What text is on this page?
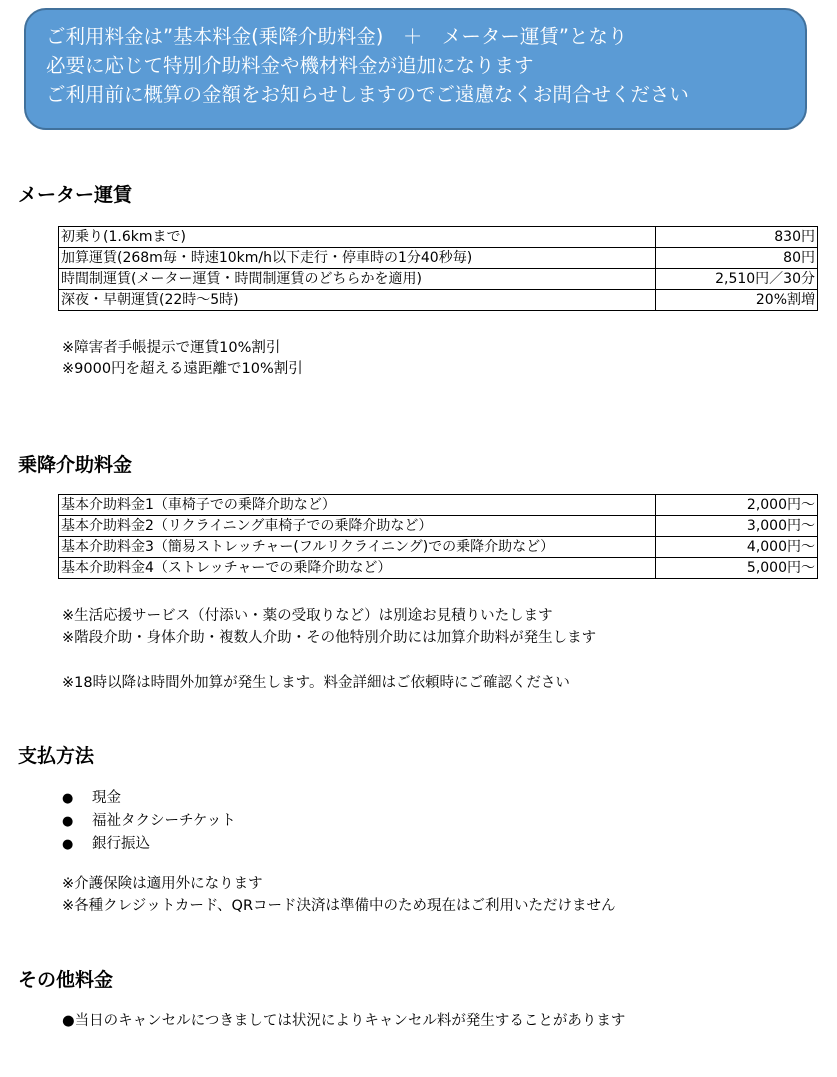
ご利用料金は”基本料金(乗降介助料金)　＋　メーター運賃”となり
必要に応じて特別介助料金や機材料金が追加になります
ご利用前に概算の金額をお知らせしますのでご遠慮なくお問合せください
メーター運賃
初乗り(1.6kmまで)	830円
加算運賃(268m毎・時速10km/h以下走行・停車時の1分40秒毎)	80円
時間制運賃(メーター運賃・時間制運賃のどちらかを適用)	2,510円／30分
深夜・早朝運賃(22時～5時)	20%割増
※障害者手帳提示で運賃10%割引
※9000円を超える遠距離で10%割引
乗降介助料金
基本介助料金1（車椅子での乗降介助など）	2,000円～
基本介助料金2（リクライニング車椅子での乗降介助など）	3,000円～
基本介助料金3（簡易ストレッチャー(フルリクライニング)での乗降介助など）	4,000円～
基本介助料金4（ストレッチャーでの乗降介助など）	5,000円～
※生活応援サービス（付添い・薬の受取りなど）は別途お見積りいたします
※階段介助・身体介助・複数人介助・その他特別介助には加算介助料が発生します
※18時以降は時間外加算が発生します。料金詳細はご依頼時にご確認ください
支払方法
● 現金
● 福祉タクシーチケット
● 銀行振込
※介護保険は適用外になります
※各種クレジットカード、QRコード決済は準備中のため現在はご利用いただけません
その他料金
●当日のキャンセルにつきましては状況によりキャンセル料が発生することがあります
